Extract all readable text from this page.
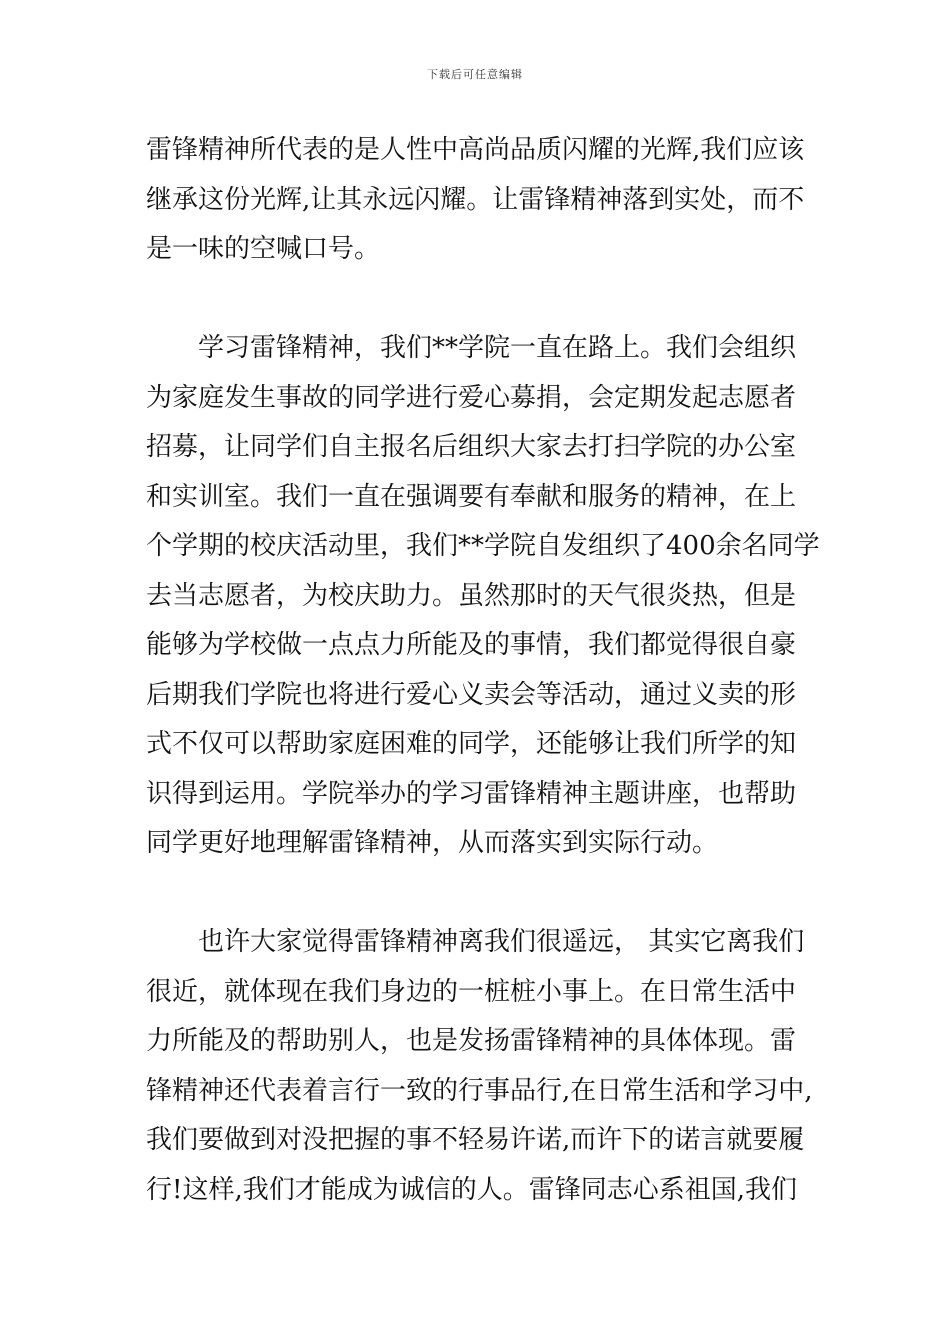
下载后可任意编辑
雷锋精神所代表的是人性中高尚品质闪耀的光辉,我们应该
继承这份光辉,让其永远闪耀。让雷锋精神落到实处，而不
是一味的空喊口号。
学习雷锋精神，我们**学院一直在路上。我们会组织
为家庭发生事故的同学进行爱心募捐，会定期发起志愿者
招募，让同学们自主报名后组织大家去打扫学院的办公室
和实训室。我们一直在强调要有奉献和服务的精神，在上
个学期的校庆活动里，我们**学院自发组织了400余名同学
去当志愿者，为校庆助力。虽然那时的天气很炎热，但是
能够为学校做一点点力所能及的事情，我们都觉得很自豪
后期我们学院也将进行爱心义卖会等活动，通过义卖的形
式不仅可以帮助家庭困难的同学，还能够让我们所学的知
识得到运用。学院举办的学习雷锋精神主题讲座，也帮助
同学更好地理解雷锋精神，从而落实到实际行动。
也许大家觉得雷锋精神离我们很遥远， 其实它离我们
很近，就体现在我们身边的一桩桩小事上。在日常生活中
力所能及的帮助别人，也是发扬雷锋精神的具体体现。雷
锋精神还代表着言行一致的行事品行,在日常生活和学习中,
我们要做到对没把握的事不轻易许诺,而许下的诺言就要履
行!这样,我们才能成为诚信的人。雷锋同志心系祖国,我们
